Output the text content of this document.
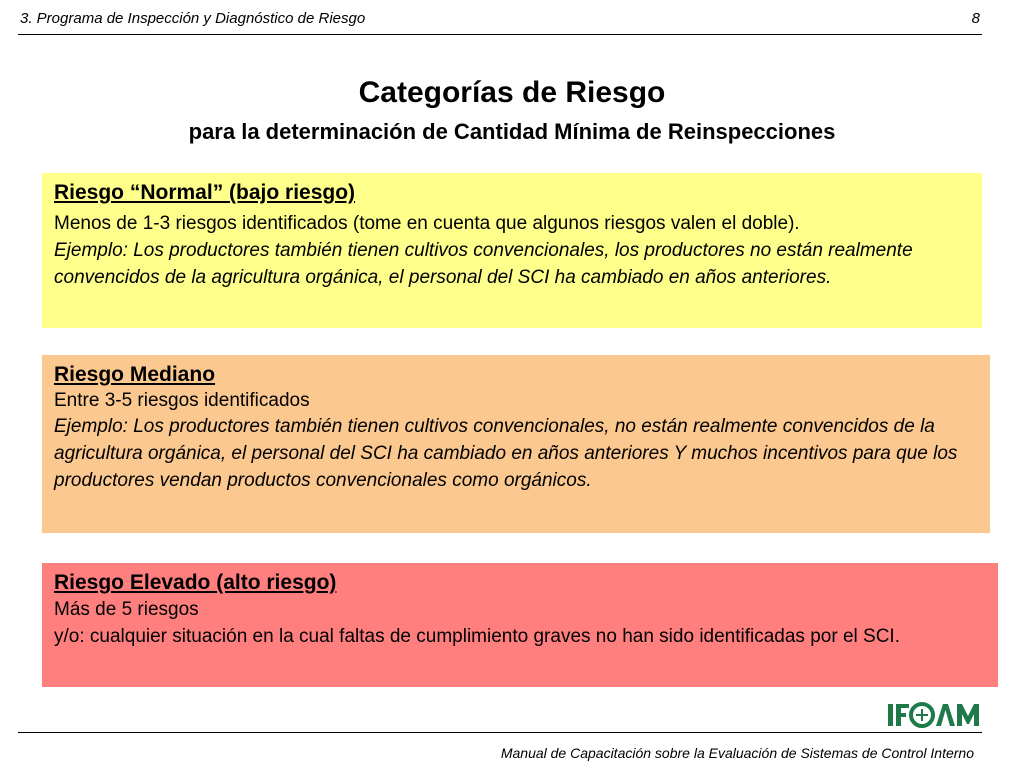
3. Programa de Inspección y Diagnóstico de Riesgo	8
Categorías de Riesgo
para la determinación de Cantidad Mínima de Reinspecciones
Riesgo “Normal” (bajo riesgo)
Menos de 1-3 riesgos identificados (tome en cuenta que algunos riesgos valen el doble).
Ejemplo: Los productores también tienen cultivos convencionales, los productores no están realmente convencidos de la agricultura orgánica, el personal del SCI ha cambiado en años anteriores.
Riesgo Mediano
Entre 3-5 riesgos identificados
Ejemplo: Los productores también tienen cultivos convencionales, no están realmente convencidos de la agricultura orgánica, el personal del SCI ha cambiado en años anteriores Y muchos incentivos para que los productores vendan productos convencionales como orgánicos.
Riesgo Elevado (alto riesgo)
Más de 5 riesgos
y/o: cualquier situación en la cual faltas de cumplimiento graves no han sido identificadas por el SCI.
Manual de Capacitación sobre la Evaluación de Sistemas de Control Interno
